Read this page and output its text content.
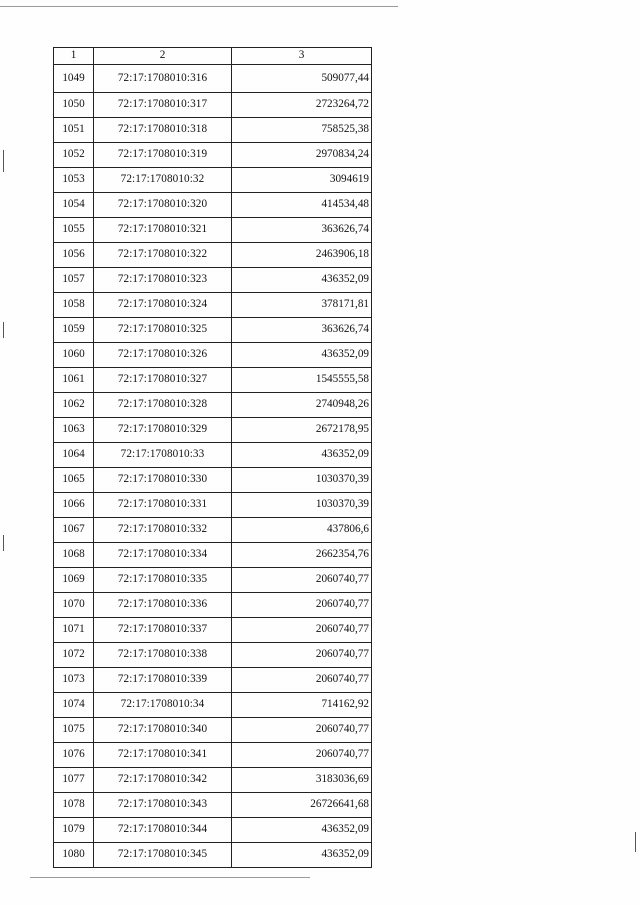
1	2	3
1049	72:17:1708010:316	509077,44
1050	72:17:1708010:317	2723264,72
1051	72:17:1708010:318	758525,38
1052	72:17:1708010:319	2970834,24
1053	72:17:1708010:32	3094619
1054	72:17:1708010:320	414534,48
1055	72:17:1708010:321	363626,74
1056	72:17:1708010:322	2463906,18
1057	72:17:1708010:323	436352,09
1058	72:17:1708010:324	378171,81
1059	72:17:1708010:325	363626,74
1060	72:17:1708010:326	436352,09
1061	72:17:1708010:327	1545555,58
1062	72:17:1708010:328	2740948,26
1063	72:17:1708010:329	2672178,95
1064	72:17:1708010:33	436352,09
1065	72:17:1708010:330	1030370,39
1066	72:17:1708010:331	1030370,39
1067	72:17:1708010:332	437806,6
1068	72:17:1708010:334	2662354,76
1069	72:17:1708010:335	2060740,77
1070	72:17:1708010:336	2060740,77
1071	72:17:1708010:337	2060740,77
1072	72:17:1708010:338	2060740,77
1073	72:17:1708010:339	2060740,77
1074	72:17:1708010:34	714162,92
1075	72:17:1708010:340	2060740,77
1076	72:17:1708010:341	2060740,77
1077	72:17:1708010:342	3183036,69
1078	72:17:1708010:343	26726641,68
1079	72:17:1708010:344	436352,09
1080	72:17:1708010:345	436352,09
